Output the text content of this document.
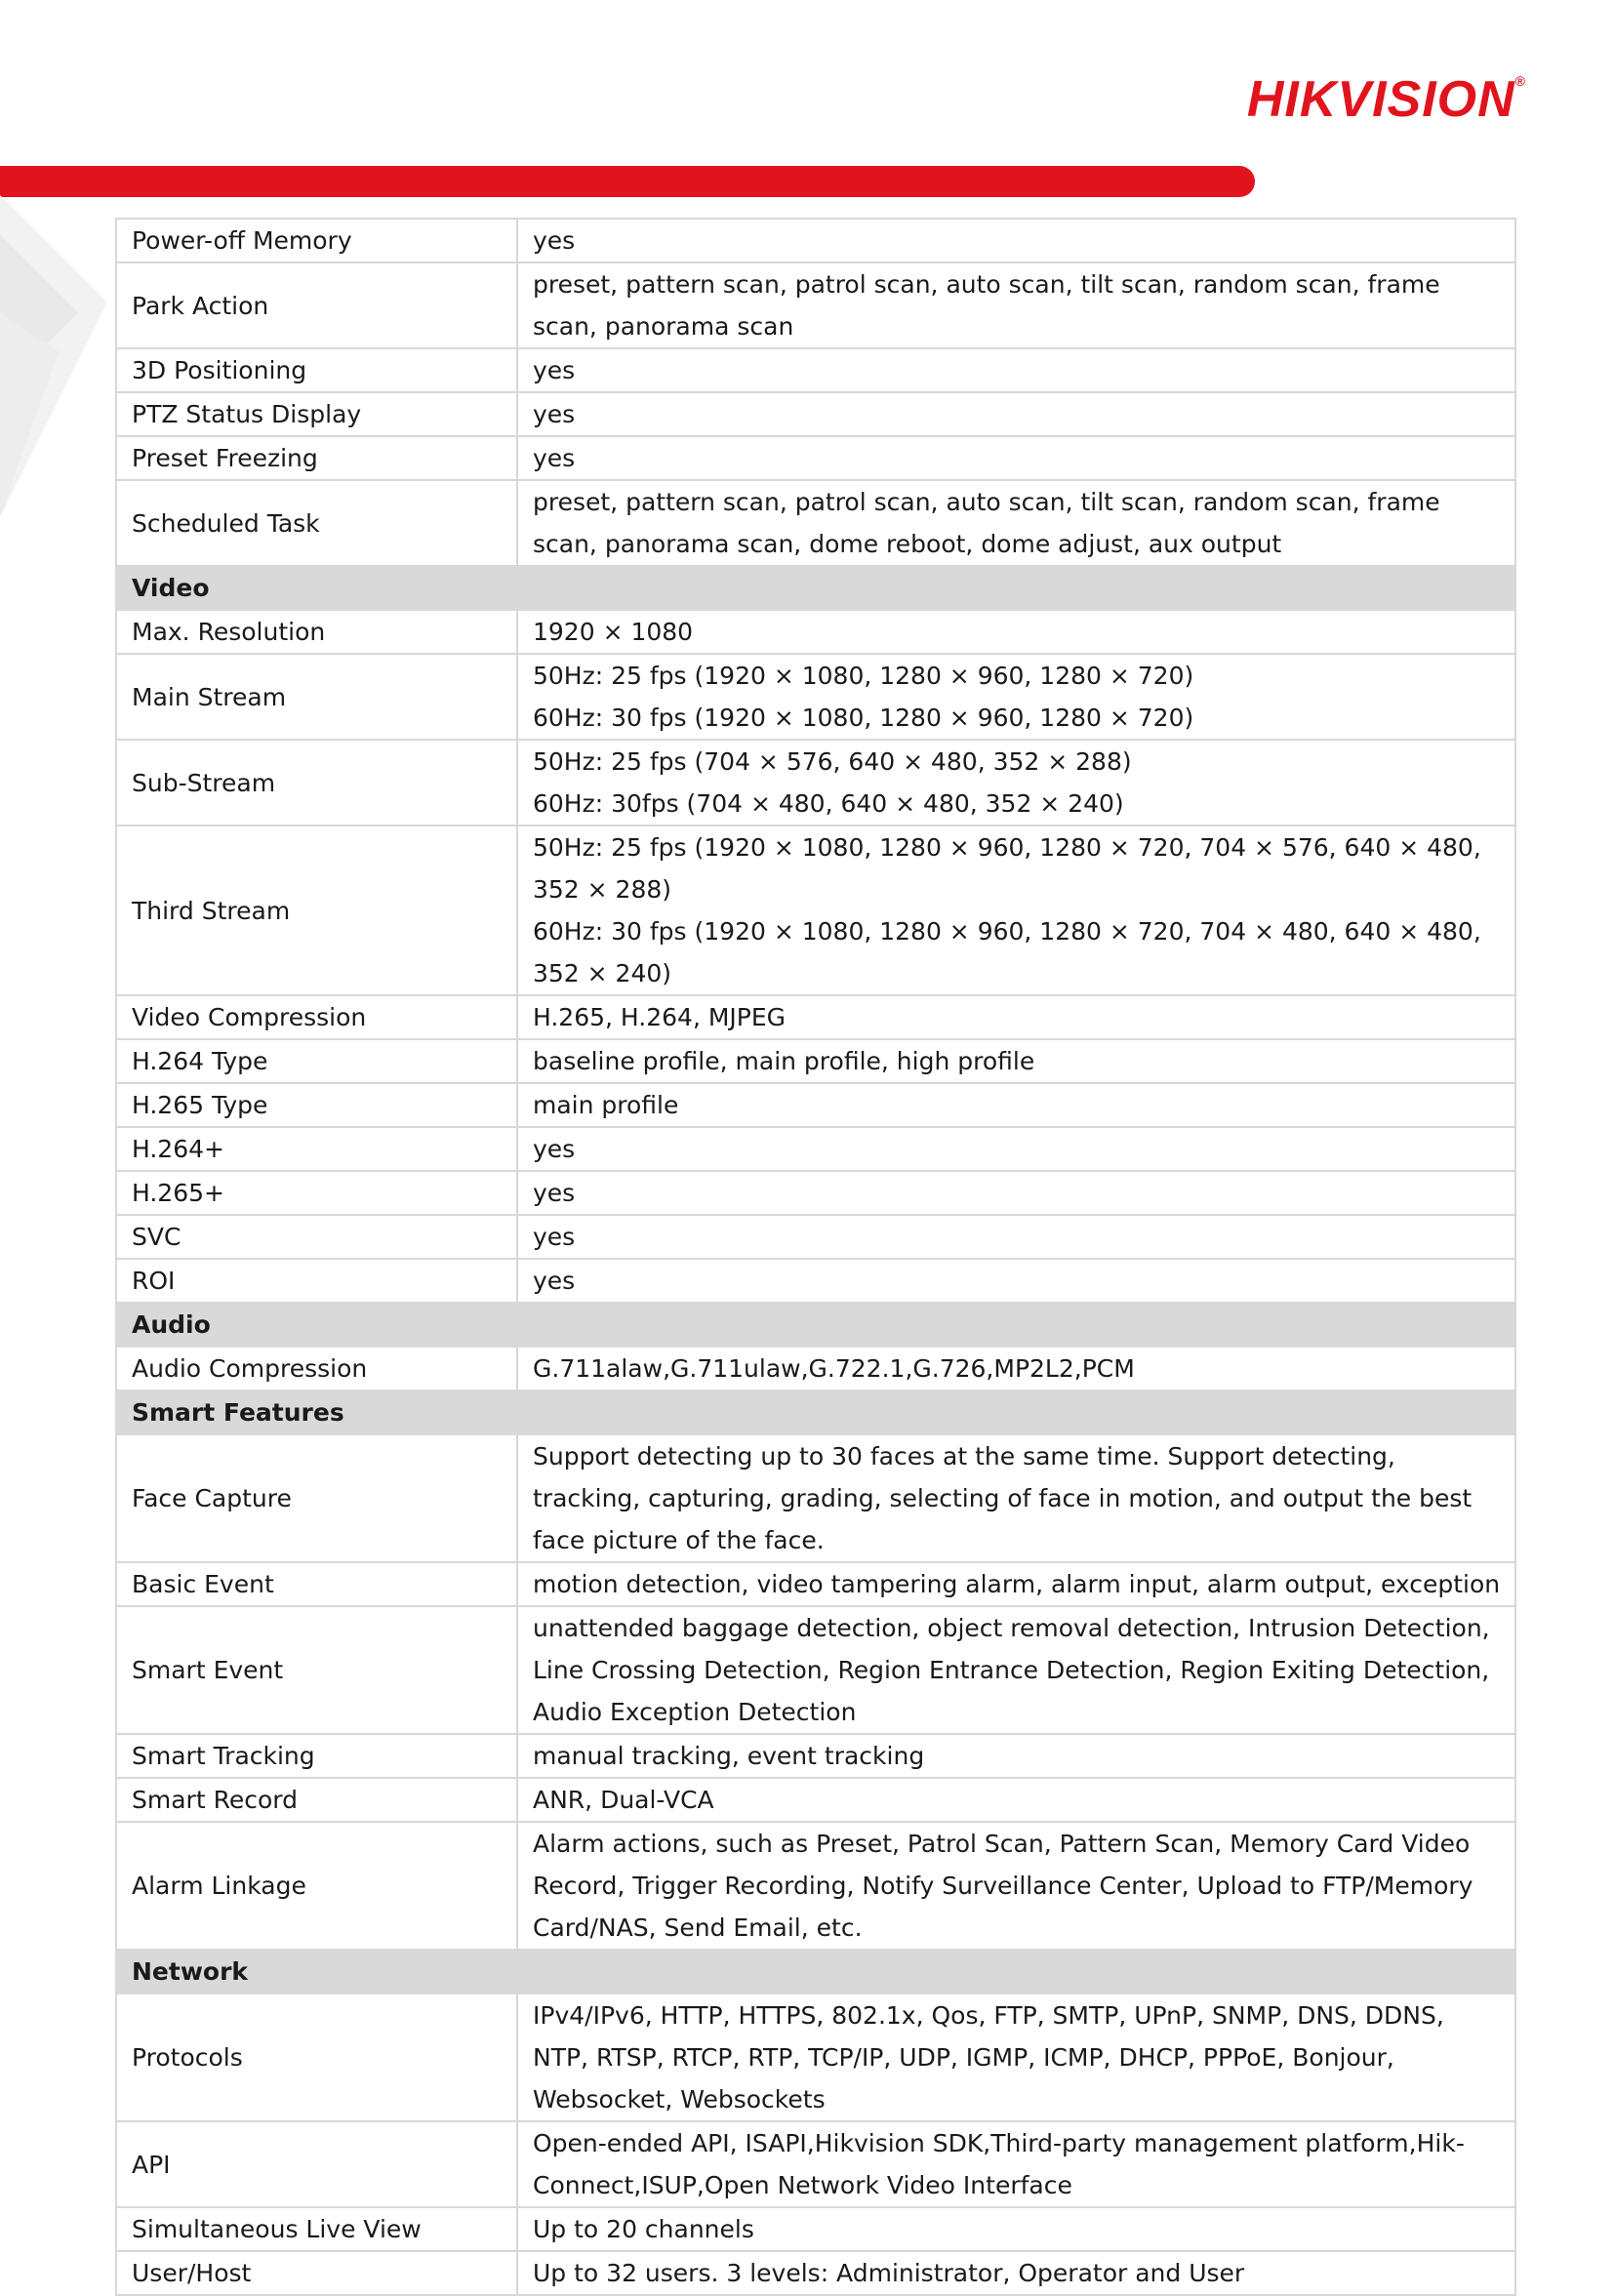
HIKVISION®
Power-off Memory	yes
Park Action	preset, pattern scan, patrol scan, auto scan, tilt scan, random scan, frame scan, panorama scan
3D Positioning	yes
PTZ Status Display	yes
Preset Freezing	yes
Scheduled Task	preset, pattern scan, patrol scan, auto scan, tilt scan, random scan, frame scan, panorama scan, dome reboot, dome adjust, aux output
Video	
Max. Resolution	1920 × 1080
Main Stream	50Hz: 25 fps (1920 × 1080, 1280 × 960, 1280 × 720)
60Hz: 30 fps (1920 × 1080, 1280 × 960, 1280 × 720)

Sub-Stream	50Hz: 25 fps (704 × 576, 640 × 480, 352 × 288)
60Hz: 30fps (704 × 480, 640 × 480, 352 × 240)

Third Stream	50Hz: 25 fps (1920 × 1080, 1280 × 960, 1280 × 720, 704 × 576, 640 × 480, 352 × 288)
60Hz: 30 fps (1920 × 1080, 1280 × 960, 1280 × 720, 704 × 480, 640 × 480, 352 × 240)

Video Compression	H.265, H.264, MJPEG
H.264 Type	baseline profile, main profile, high profile
H.265 Type	main profile
H.264+	yes
H.265+	yes
SVC	yes
ROI	yes
Audio	
Audio Compression	G.711alaw,G.711ulaw,G.722.1,G.726,MP2L2,PCM
Smart Features	
Face Capture	Support detecting up to 30 faces at the same time. Support detecting, tracking, capturing, grading, selecting of face in motion, and output the best face picture of the face.
Basic Event	motion detection, video tampering alarm, alarm input, alarm output, exception
Smart Event	unattended baggage detection, object removal detection, Intrusion Detection, Line Crossing Detection, Region Entrance Detection, Region Exiting Detection, Audio Exception Detection
Smart Tracking	manual tracking, event tracking
Smart Record	ANR, Dual-VCA
Alarm Linkage	Alarm actions, such as Preset, Patrol Scan, Pattern Scan, Memory Card Video Record, Trigger Recording, Notify Surveillance Center, Upload to FTP/Memory Card/NAS, Send Email, etc.
Network	
Protocols	IPv4/IPv6, HTTP, HTTPS, 802.1x, Qos, FTP, SMTP, UPnP, SNMP, DNS, DDNS, NTP, RTSP, RTCP, RTP, TCP/IP, UDP, IGMP, ICMP, DHCP, PPPoE, Bonjour, Websocket, Websockets
API	Open-ended API, ISAPI,Hikvision SDK,Third-party management platform,Hik-Connect,ISUP,Open Network Video Interface
Simultaneous Live View	Up to 20 channels
User/Host	Up to 32 users. 3 levels: Administrator, Operator and User
